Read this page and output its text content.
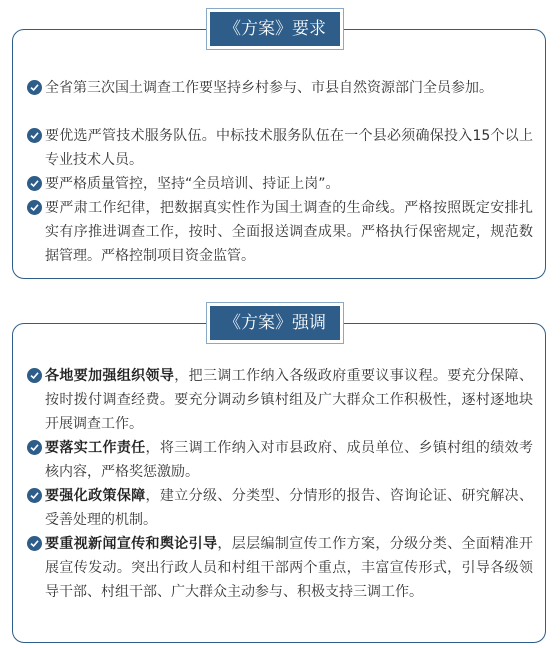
《方案》要求
全省第三次国土调查工作要坚持乡村参与、市县自然资源部门全员参加。
要优选严管技术服务队伍。中标技术服务队伍在一个县必须确保投入15个以上专业技术人员。
要严格质量管控，坚持“全员培训、持证上岗”。
要严肃工作纪律，把数据真实性作为国土调查的生命线。严格按照既定安排扎实有序推进调查工作，按时、全面报送调查成果。严格执行保密规定，规范数据管理。严格控制项目资金监管。
《方案》强调
各地要加强组织领导，把三调工作纳入各级政府重要议事议程。要充分保障、按时拨付调查经费。要充分调动乡镇村组及广大群众工作积极性，逐村逐地块开展调查工作。
要落实工作责任，将三调工作纳入对市县政府、成员单位、乡镇村组的绩效考核内容，严格奖惩激励。
要强化政策保障，建立分级、分类型、分情形的报告、咨询论证、研究解决、受善处理的机制。
要重视新闻宣传和舆论引导，层层编制宣传工作方案，分级分类、全面精准开展宣传发动。突出行政人员和村组干部两个重点，丰富宣传形式，引导各级领导干部、村组干部、广大群众主动参与、积极支持三调工作。
